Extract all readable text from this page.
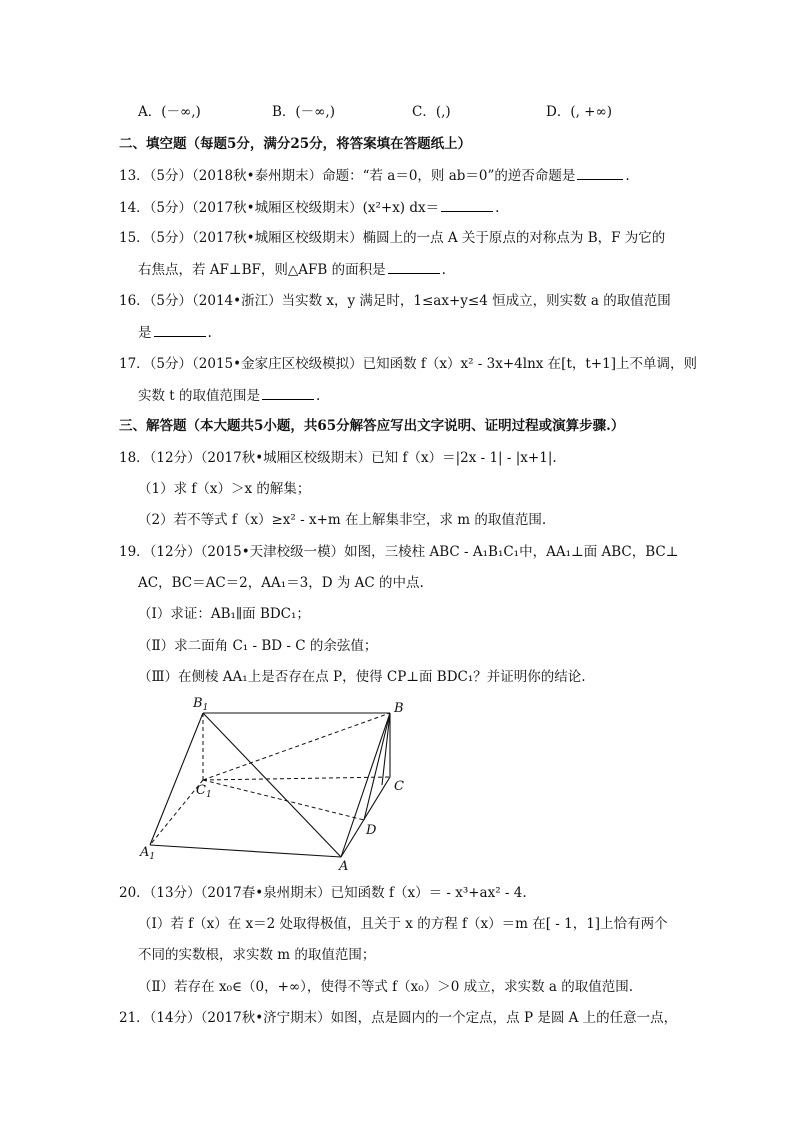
A．(－∞,)	B．(－∞,)	C．(,)	D．(, +∞)
二、填空题（每题5分，满分25分，将答案填在答题纸上）
13．（5分）（2018秋•泰州期末）命题：“若 a＝0，则 ab＝0”的逆否命题是	.
14．（5分）（2017秋•城厢区校级期末）(x²+x) dx＝	.
15．（5分）（2017秋•城厢区校级期末）椭圆上的一点 A 关于原点的对称点为 B，F 为它的
右焦点，若 AF⊥BF，则△AFB 的面积是	.
16．（5分）（2014•浙江）当实数 x，y 满足时，1≤ax+y≤4 恒成立，则实数 a 的取值范围
是	.
17．（5分）（2015•金家庄区校级模拟）已知函数 f（x）x² - 3x+4lnx 在[t，t+1]上不单调，则
实数 t 的取值范围是	.
三、解答题（本大题共5小题，共65分解答应写出文字说明、证明过程或演算步骤.）
18．（12分）（2017秋•城厢区校级期末）已知 f（x）＝|2x - 1| - |x+1|.
（1）求 f（x）＞x 的解集；
（2）若不等式 f（x）≥x² - x+m 在上解集非空，求 m 的取值范围.
19．（12分）（2015•天津校级一模）如图，三棱柱 ABC - A₁B₁C₁中，AA₁⊥面 ABC，BC⊥
AC，BC＝AC＝2，AA₁＝3，D 为 AC 的中点.
（Ⅰ）求证：AB₁∥面 BDC₁；
（Ⅱ）求二面角 C₁ - BD - C 的余弦值；
（Ⅲ）在侧棱 AA₁上是否存在点 P，使得 CP⊥面 BDC₁？并证明你的结论.
$B_1$	B
$C_1$
C
D
$A_1$
A
20．（13分）（2017春•泉州期末）已知函数 f（x）＝ - x³+ax² - 4.
（Ⅰ）若 f（x）在 x＝2 处取得极值，且关于 x 的方程 f（x）＝m 在[ - 1，1]上恰有两个
不同的实数根，求实数 m 的取值范围；
（Ⅱ）若存在 x₀∈（0，+∞），使得不等式 f（x₀）＞0 成立，求实数 a 的取值范围.
21．（14分）（2017秋•济宁期末）如图，点是圆内的一个定点，点 P 是圆 A 上的任意一点，
